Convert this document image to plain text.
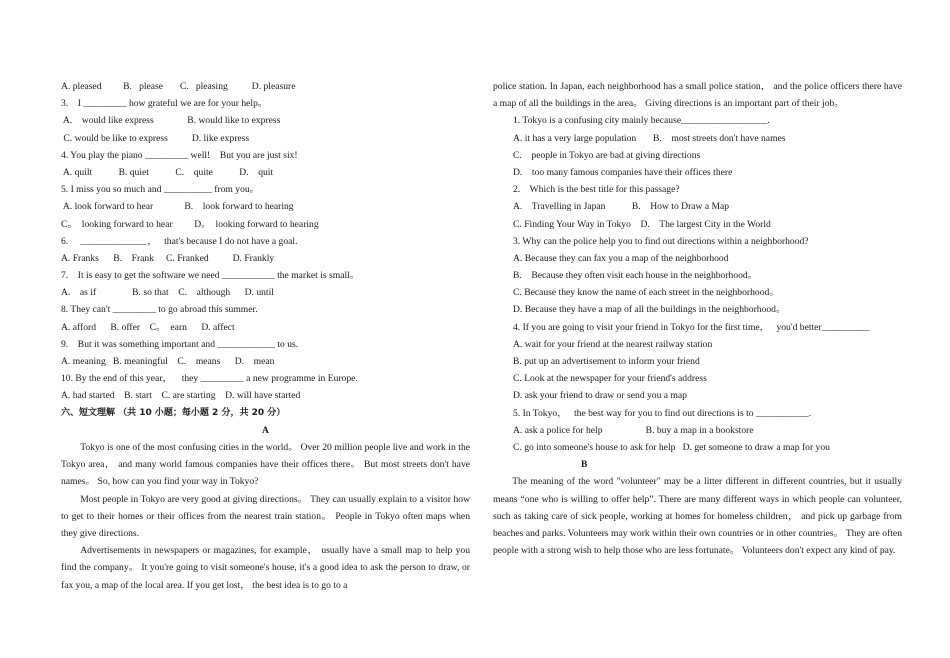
A. pleased         B.   please       C.   pleasing          D. pleasure
3.    I _________ how grateful we are for your help。
A.    would like express              B. would like to express
C. would be like to express          D. like express
4. You play the piano _________ well!    But you are just six!
A. quilt           B. quiet           C.    quite           D.    quit
5. I miss you so much and __________ from you。
A. look forward to hear             B.    look forward to hearing
C。  looking forward to hear         D。  looking forward to hearing
6.     ______________，   that's because I do not have a goal.
A. Franks      B.    Frank     C. Franked          D. Frankly
7.    It is easy to get the software we need ___________ the market is small。
A.    as if               B. so that    C.    although      D. until
8. They can't _________ to go abroad this summer.
A. afford      B. offer    C。  earn      D. affect
9.    But it was something important and ____________ to us.
A. meaning   B. meaningful    C.    means      D.    mean
10. By the end of this year，    they _________ a new programme in Europe.
A. had started    B. start    C. are starting    D. will have started
六、短文理解 （共 10 小题；每小题 2 分，共 20 分）
A

Tokyo is one of the most confusing cities in the world。 Over 20 million people live and work in the Tokyo area， and many world famous companies have their offices there。 But most streets don't have names。 So, how can you find your way in Tokyo?

Most people in Tokyo are very good at giving directions。 They can usually explain to a visitor how to get to their homes or their offices from the nearest train station。 People in Tokyo often maps when they give directions.

Advertisements in newspapers or magazines, for example， usually have a small map to help you find the company。 It you're going to visit someone's house, it's a good idea to ask the person to draw, or fax you, a map of the local area. If you get lost， the best idea is to go to a

police station. In Japan, each neighborhood has a small police station， and the police officers there have a map of all the buildings in the area。 Giving directions is an important part of their job。

1. Tokyo is a confusing city mainly because__________________.
A. it has a very large population       B.    most streets don't have names
C.    people in Tokyo are bad at giving directions
D.    too many famous companies have their offices there
2.    Which is the best title for this passage?
A.    Travelling in Japan           B.    How to Draw a Map
C. Finding Your Way in Tokyo    D.    The largest City in the World
3. Why can the police help you to find out directions within a neighborhood?
A. Because they can fax you a map of the neighborhood
B.    Because they often visit each house in the neighborhood。
C. Because they know the name of each street in the neighborhood。
D. Because they have a map of all the buildings in the neighborhood。
4. If you are going to visit your friend in Tokyo for the first time，   you'd better__________
A. wait for your friend at the nearest railway station
B. put up an advertisement to inform your friend
C. Look at the newspaper for your friend's address
D. ask your friend to draw or send you a map
5. In Tokyo，   the best way for you to find out directions is to ___________.
A. ask a police for help                  B. buy a map in a bookstore
C. go into someone's house to ask for help   D. get someone to draw a map for you
B

The meaning of the word "volunteer" may be a litter different in different countries, but it usually means “one who is willing to offer help”. There are many different ways in which people can volunteer, such as taking care of sick people, working at homes for homeless children， and pick up garbage from beaches and parks. Volunteers may work within their own countries or in other countries。 They are often people with a strong wish to help those who are less fortunate。 Volunteers don't expect any kind of pay.
